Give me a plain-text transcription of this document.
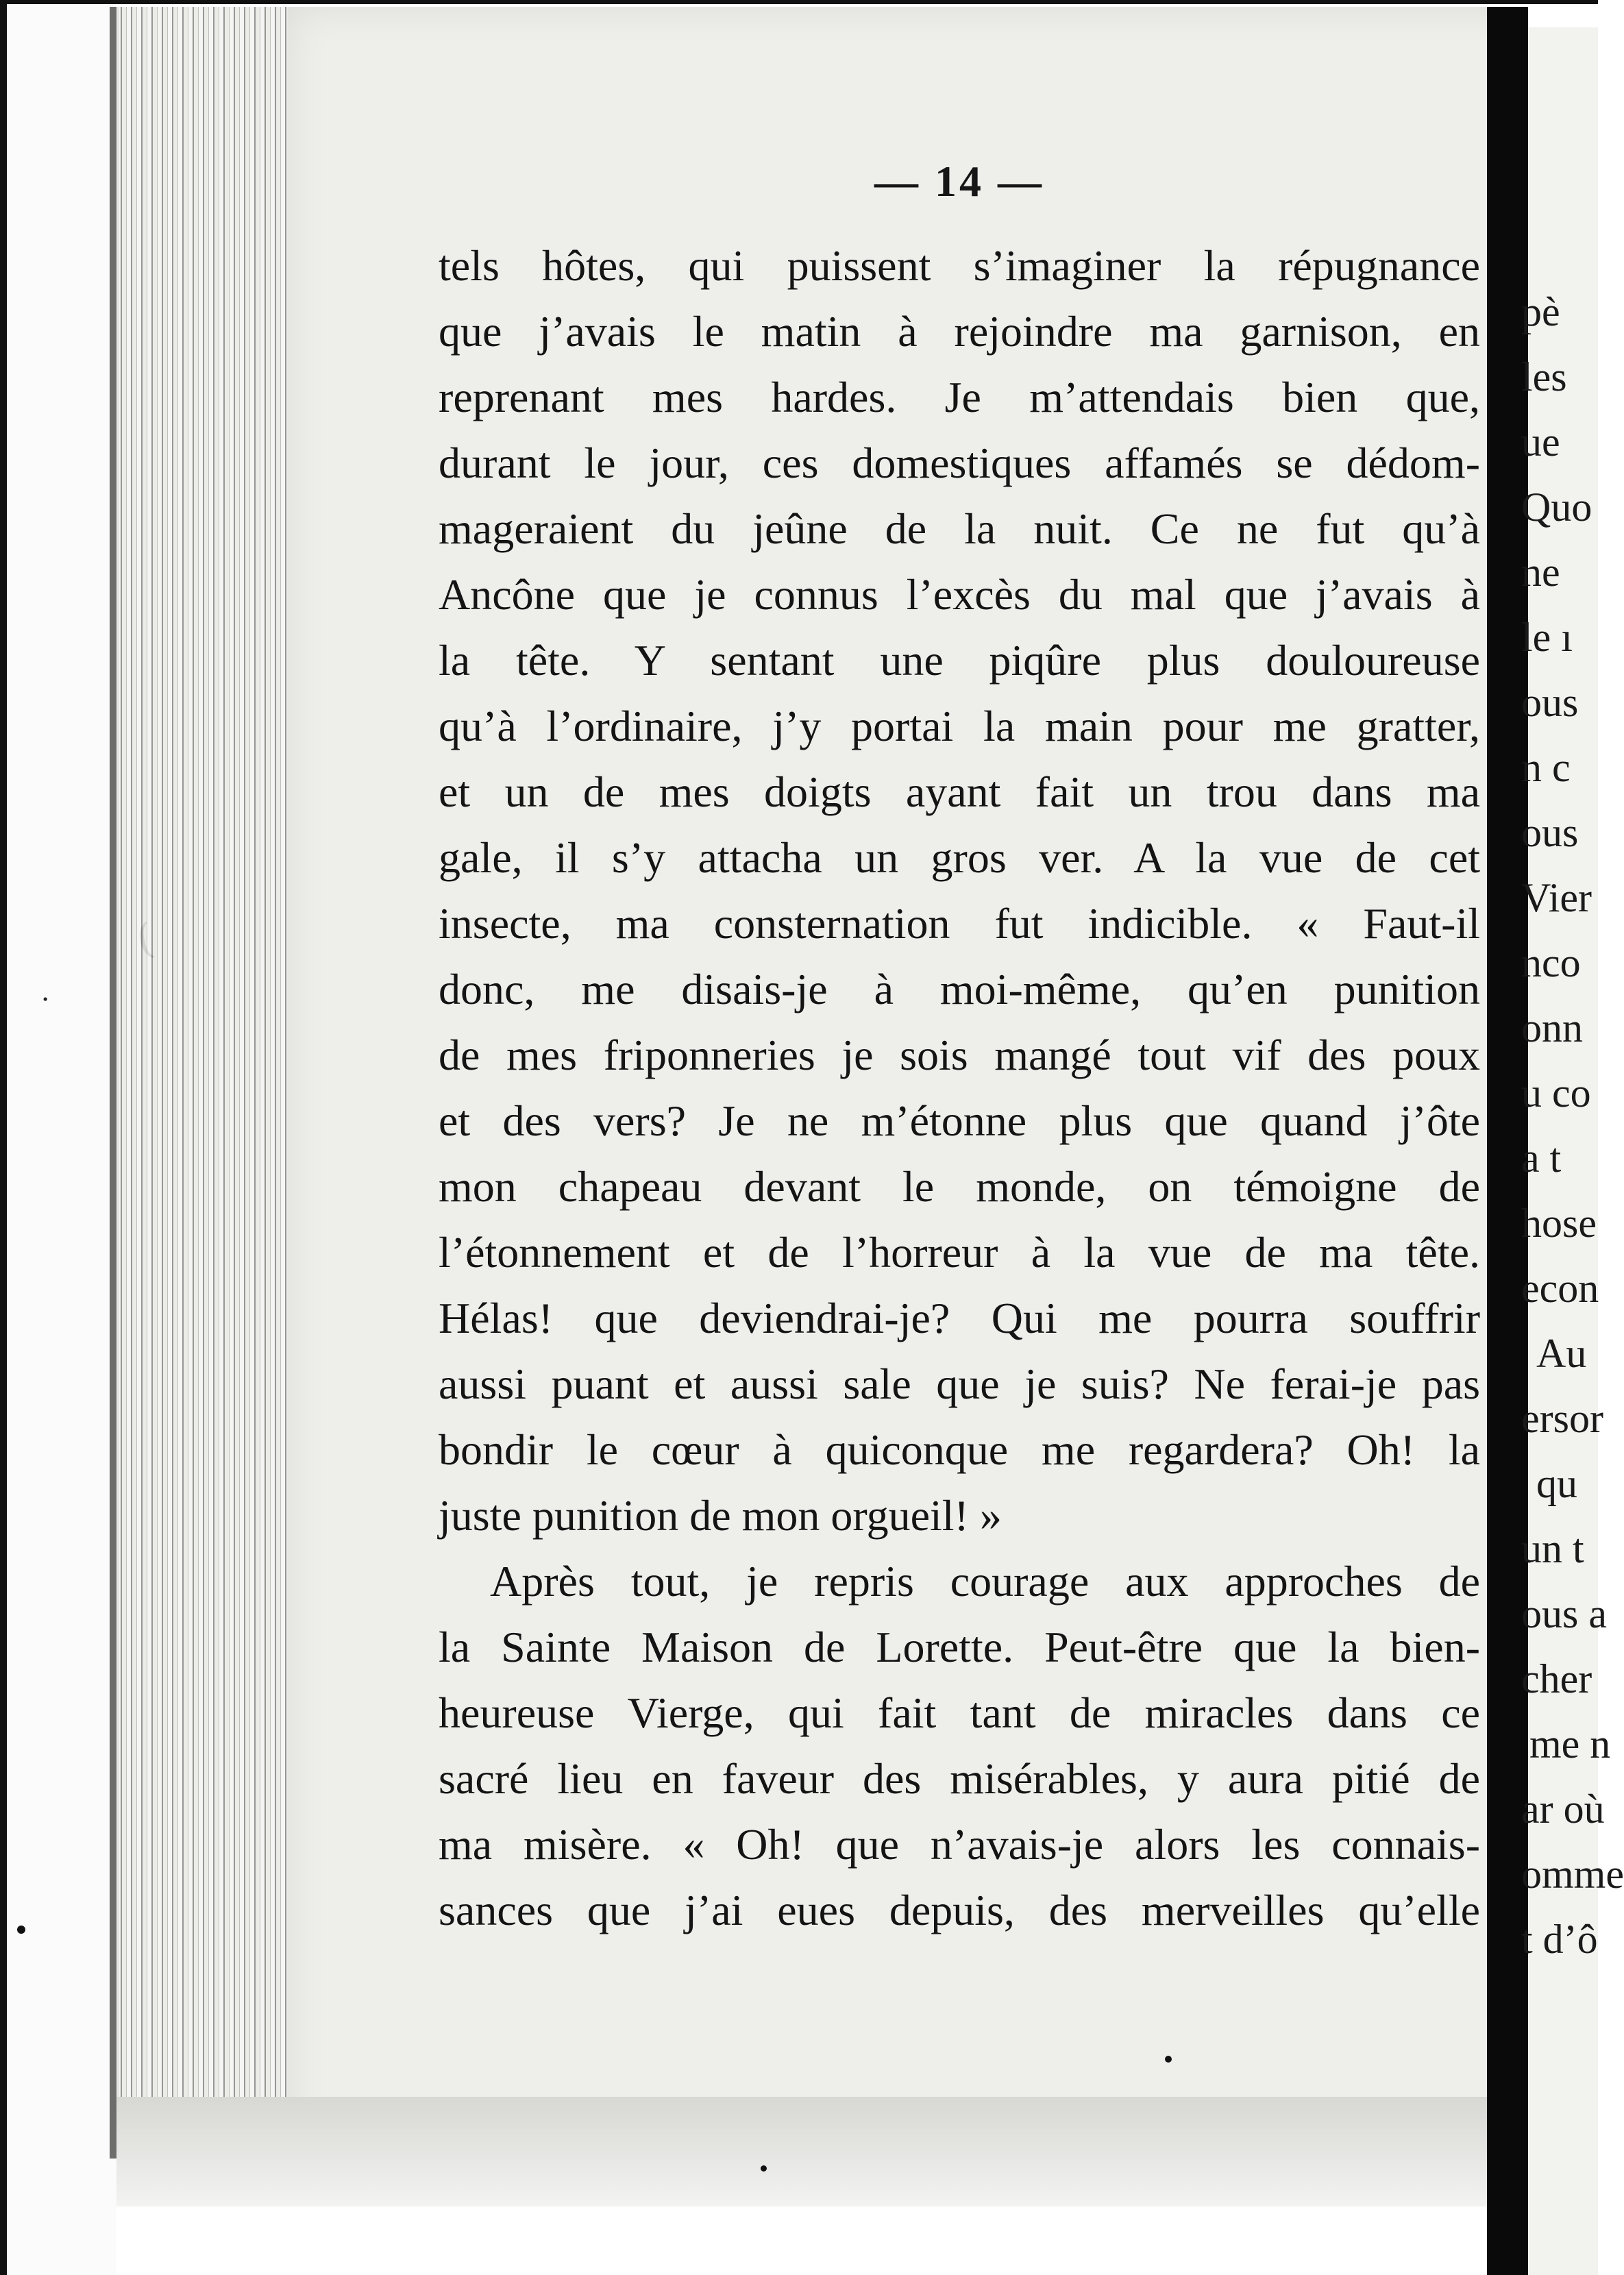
·
— 14 —
tels hôtes, qui puissent s’imaginer la répugnance
que j’avais le matin à rejoindre ma garnison, en
reprenant mes hardes. Je m’attendais bien que,
durant le jour, ces domestiques affamés se dédom-
mageraient du jeûne de la nuit. Ce ne fut qu’à
Ancône que je connus l’excès du mal que j’avais à
la tête. Y sentant une piqûre plus douloureuse
qu’à l’ordinaire, j’y portai la main pour me gratter,
et un de mes doigts ayant fait un trou dans ma
gale, il s’y attacha un gros ver. A la vue de cet
insecte, ma consternation fut indicible. « Faut-il
donc, me disais-je à moi-même, qu’en punition
de mes friponneries je sois mangé tout vif des poux
et des vers? Je ne m’étonne plus que quand j’ôte
mon chapeau devant le monde, on témoigne de
l’étonnement et de l’horreur à la vue de ma tête.
Hélas! que deviendrai-je? Qui me pourra souffrir
aussi puant et aussi sale que je suis? Ne ferai-je pas
bondir le cœur à quiconque me regardera? Oh! la
juste punition de mon orgueil! »
Après tout, je repris courage aux approches de
la Sainte Maison de Lorette. Peut-être que la bien-
heureuse Vierge, qui fait tant de miracles dans ce
sacré lieu en faveur des misérables, y aura pitié de
ma misère. « Oh! que n’avais-je alors les connais-
sances que j’ai eues depuis, des merveilles qu’elle
pè
les
ue
Quo
ne
le ı
ous
n c
ous
Vier
nco
onn
u co
a t
hose
econ
Au
ersor
qu
un t
ous a
cher
me n
ar où
omme
t d’ô
